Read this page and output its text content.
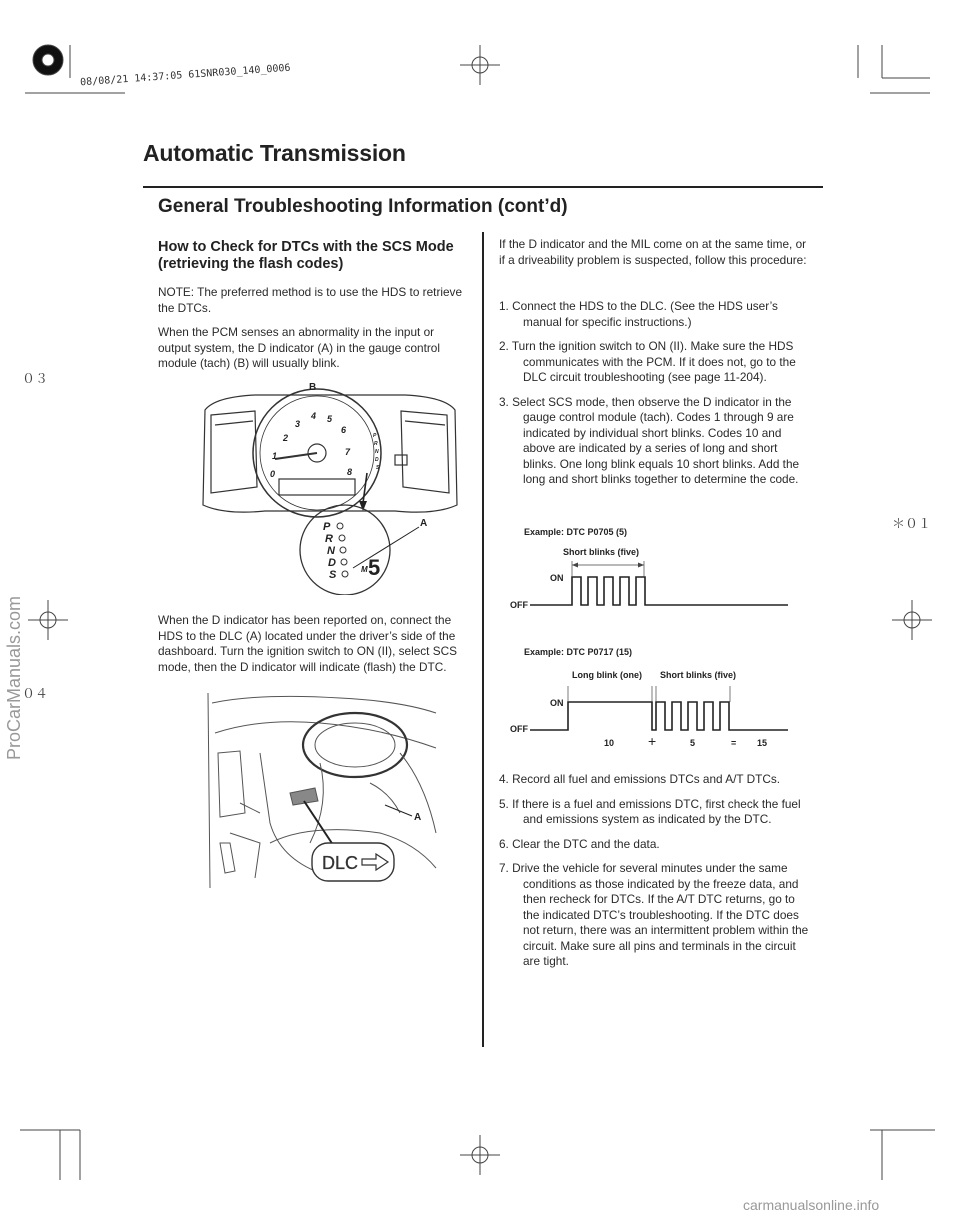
08/08/21 14:37:05 61SNR030_140_0006
Automatic Transmission
General Troubleshooting Information (cont’d)
０３
０４
＊０１
How to Check for DTCs with the SCS Mode (retrieving the flash codes)
NOTE: The preferred method is to use the HDS to retrieve the DTCs.
When the PCM senses an abnormality in the input or output system, the D indicator (A) in the gauge control module (tach) (B) will usually blink.
0
1
2
3
4 5
6
7
8
P
R
N
D
S
P
R
N
D
S	M 5
B
A
When the D indicator has been reported on, connect the HDS to the DLC (A) located under the driver’s side of the dashboard. Turn the ignition switch to ON (II), select SCS mode, then the D indicator will indicate (flash) the DTC.
DLC
A
If the D indicator and the MIL come on at the same time, or if a driveability problem is suspected, follow this procedure:
1. Connect the HDS to the DLC. (See the HDS user’s manual for specific instructions.)
2. Turn the ignition switch to ON (II). Make sure the HDS communicates with the PCM. If it does not, go to the DLC circuit troubleshooting (see page 11-204).
3. Select SCS mode, then observe the D indicator in the gauge control module (tach). Codes 1 through 9 are indicated by individual short blinks. Codes 10 and above are indicated by a series of long and short blinks. One long blink equals 10 short blinks. Add the long and short blinks together to determine the code.
Example: DTC P0705 (5)
Short blinks (five)
ON
OFF
Example: DTC P0717 (15)
Long blink (one) Short blinks (five)
ON
OFF
10 +	5	= 15
4. Record all fuel and emissions DTCs and A/T DTCs.
5. If there is a fuel and emissions DTC, first check the fuel and emissions system as indicated by the DTC.
6. Clear the DTC and the data.
7. Drive the vehicle for several minutes under the same conditions as those indicated by the freeze data, and then recheck for DTCs. If the A/T DTC returns, go to the indicated DTC’s troubleshooting. If the DTC does not return, there was an intermittent problem within the circuit. Make sure all pins and terminals in the circuit are tight.
ProCarManuals.com
carmanualsonline.info
